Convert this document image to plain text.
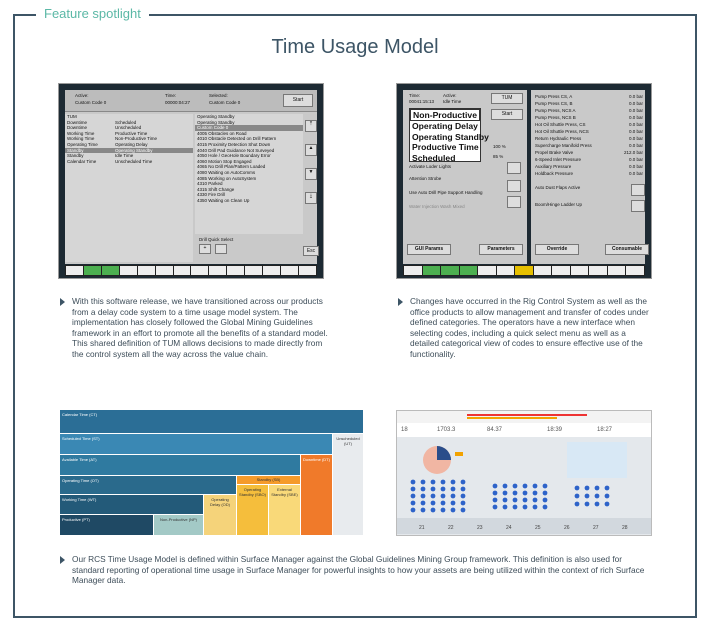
Feature spotlight
Time Usage Model
Active:
Custom Code 0
Time:
00000:04:27
Selected:
Custom Code 0	Start
TUM
Downtime	Scheduled
Downtime	Unscheduled
Working Time	Productive Time
Working Time	Non-Productive Time
Operating Time	Operating Delay
Standby	Operating Standby
Standby	Idle Time
Calendar Time	Unscheduled Time
Operating Standby
Operating Standby
Custom Code 0
4005 Obstacles on Road
4010 Obstacle Detected on Drill Pattern
4015 Proximity Detection Shut Down
4040 Drill Pad Guidance Not Surveyed
4050 Hole / GeoHole Boundary Error
4060 Motion Stop Engaged
4065 No Drill Plan/Pattern Loaded
4080 Waiting on AutoComms
4085 Working on AutoSystem
4310 Parked
4315 Shift Change
4330 Fire Drill
4350 Waiting on Clean Up
⤒
▲
▼
⤓
Drill Quick Select
+	Esc
Time:
00041:15:13
Active:
Idle Time
TUM
Start
Non-Productive
Operating Delay
Operating Standby
Productive Time
Scheduled
100 %
85 %
Activate Loder Lights
Attention Strobe
Use Auto Drill Pipe Support Handling
Water Injection Wash Mixed
GUI Params	Parameters
Pump Press CS, A	0.0 bar
Pump Press CS, B	0.0 bar
Pump Press, NCS A	0.0 bar
Pump Press, NCS B	0.0 bar
Hot Oil Shuttle Press, CS	0.0 bar
Hot Oil Shuttle Press, NCS	0.0 bar
Return Hydraulic Press	0.0 bar
Supercharge Manifold Press	0.0 bar
Propel Brake Valve	212.0 bar
6-Speed Inlet Pressure	0.0 bar
Auxiliary Pressure	0.0 bar
Holdback Pressure	0.0 bar
Auto Dust Flaps Active
Boom/Hinge Ladder Up
Override	Consumable
With this software release, we have transitioned across our products from a delay code system to a time usage model system. The implementation has closely followed the Global Mining Guidelines framework in an effort to promote all the benefits of a standard model. This shared definition of TUM allows decisions to made directly from the control system all the way across the value chain.
Changes have occurred in the Rig Control System as well as the office products to allow management and transfer of codes under defined categories. The operators have a new interface when selecting codes, including a quick select menu as well as a detailed categorical view of codes to ensure effective use of the functionality.
Calendar Time (CT)
Scheduled Time (ST)	Unscheduled (UT)
Available Time (AT)	Downtime (DT)
Operating Time (OT)	Standby (SB)
Working Time (WT)	Operating Delay (OD)
Operating Standby (SBO)
External Standby (SBE)
Productive (PT)	Non-Productive (NP)
18	1703.3	84.37	18:39	18:27
21	22	23	24	25	26	27	28
Our RCS Time Usage Model is defined within Surface Manager against the Global Guidelines Mining Group framework. This definition is also used for standard reporting of operational time usage in Surface Manager for powerful insights to how your assets are being utilized within the context of rich Surface Manager data.
